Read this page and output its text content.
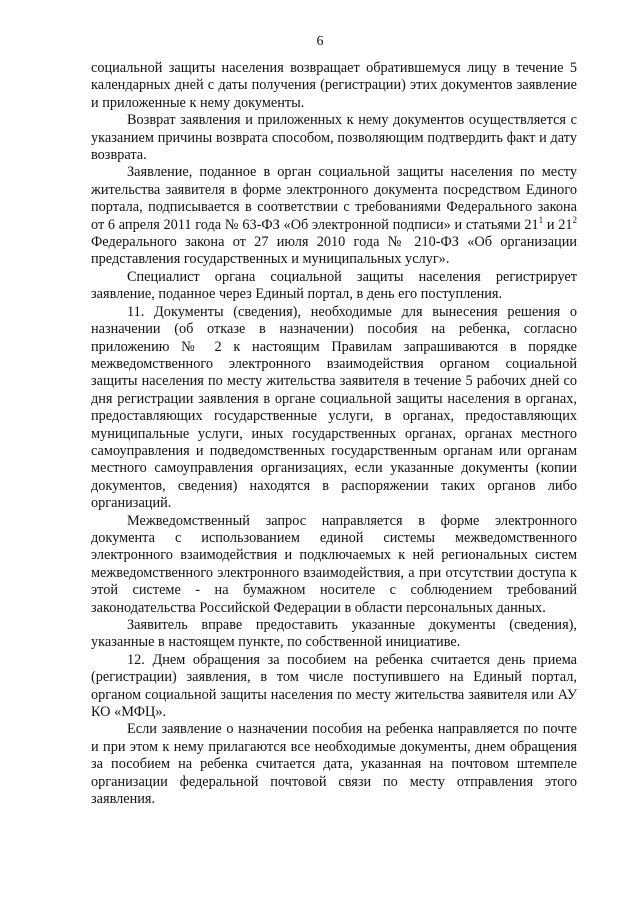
6

социальной защиты населения возвращает обратившемуся лицу в течение 5 календарных дней с даты получения (регистрации) этих документов заявление и приложенные к нему документы.

Возврат заявления и приложенных к нему документов осуществляется с указанием причины возврата способом, позволяющим подтвердить факт и дату возврата.

Заявление, поданное в орган социальной защиты населения по месту жительства заявителя в форме электронного документа посредством Единого портала, подписывается в соответствии с требованиями Федерального закона от 6 апреля 2011 года № 63-ФЗ «Об электронной подписи» и статьями $21^1$ и $21^2$ Федерального закона от 27 июля 2010 года № 210-ФЗ «Об организации представления государственных и муниципальных услуг».

Специалист органа социальной защиты населения регистрирует заявление, поданное через Единый портал, в день его поступления.

11. Документы (сведения), необходимые для вынесения решения о назначении (об отказе в назначении) пособия на ребенка, согласно приложению № 2 к настоящим Правилам запрашиваются в порядке межведомственного электронного взаимодействия органом социальной защиты населения по месту жительства заявителя в течение 5 рабочих дней со дня регистрации заявления в органе социальной защиты населения в органах, предоставляющих государственные услуги, в органах, предоставляющих муниципальные услуги, иных государственных органах, органах местного самоуправления и подведомственных государственным органам или органам местного самоуправления организациях, если указанные документы (копии документов, сведения) находятся в распоряжении таких органов либо организаций.

Межведомственный запрос направляется в форме электронного документа с использованием единой системы межведомственного электронного взаимодействия и подключаемых к ней региональных систем межведомственного электронного взаимодействия, а при отсутствии доступа к этой системе - на бумажном носителе с соблюдением требований законодательства Российской Федерации в области персональных данных.

Заявитель вправе предоставить указанные документы (сведения), указанные в настоящем пункте, по собственной инициативе.

12. Днем обращения за пособием на ребенка считается день приема (регистрации) заявления, в том числе поступившего на Единый портал, органом социальной защиты населения по месту жительства заявителя или АУ КО «МФЦ».

Если заявление о назначении пособия на ребенка направляется по почте и при этом к нему прилагаются все необходимые документы, днем обращения за пособием на ребенка считается дата, указанная на почтовом штемпеле организации федеральной почтовой связи по месту отправления этого заявления.
